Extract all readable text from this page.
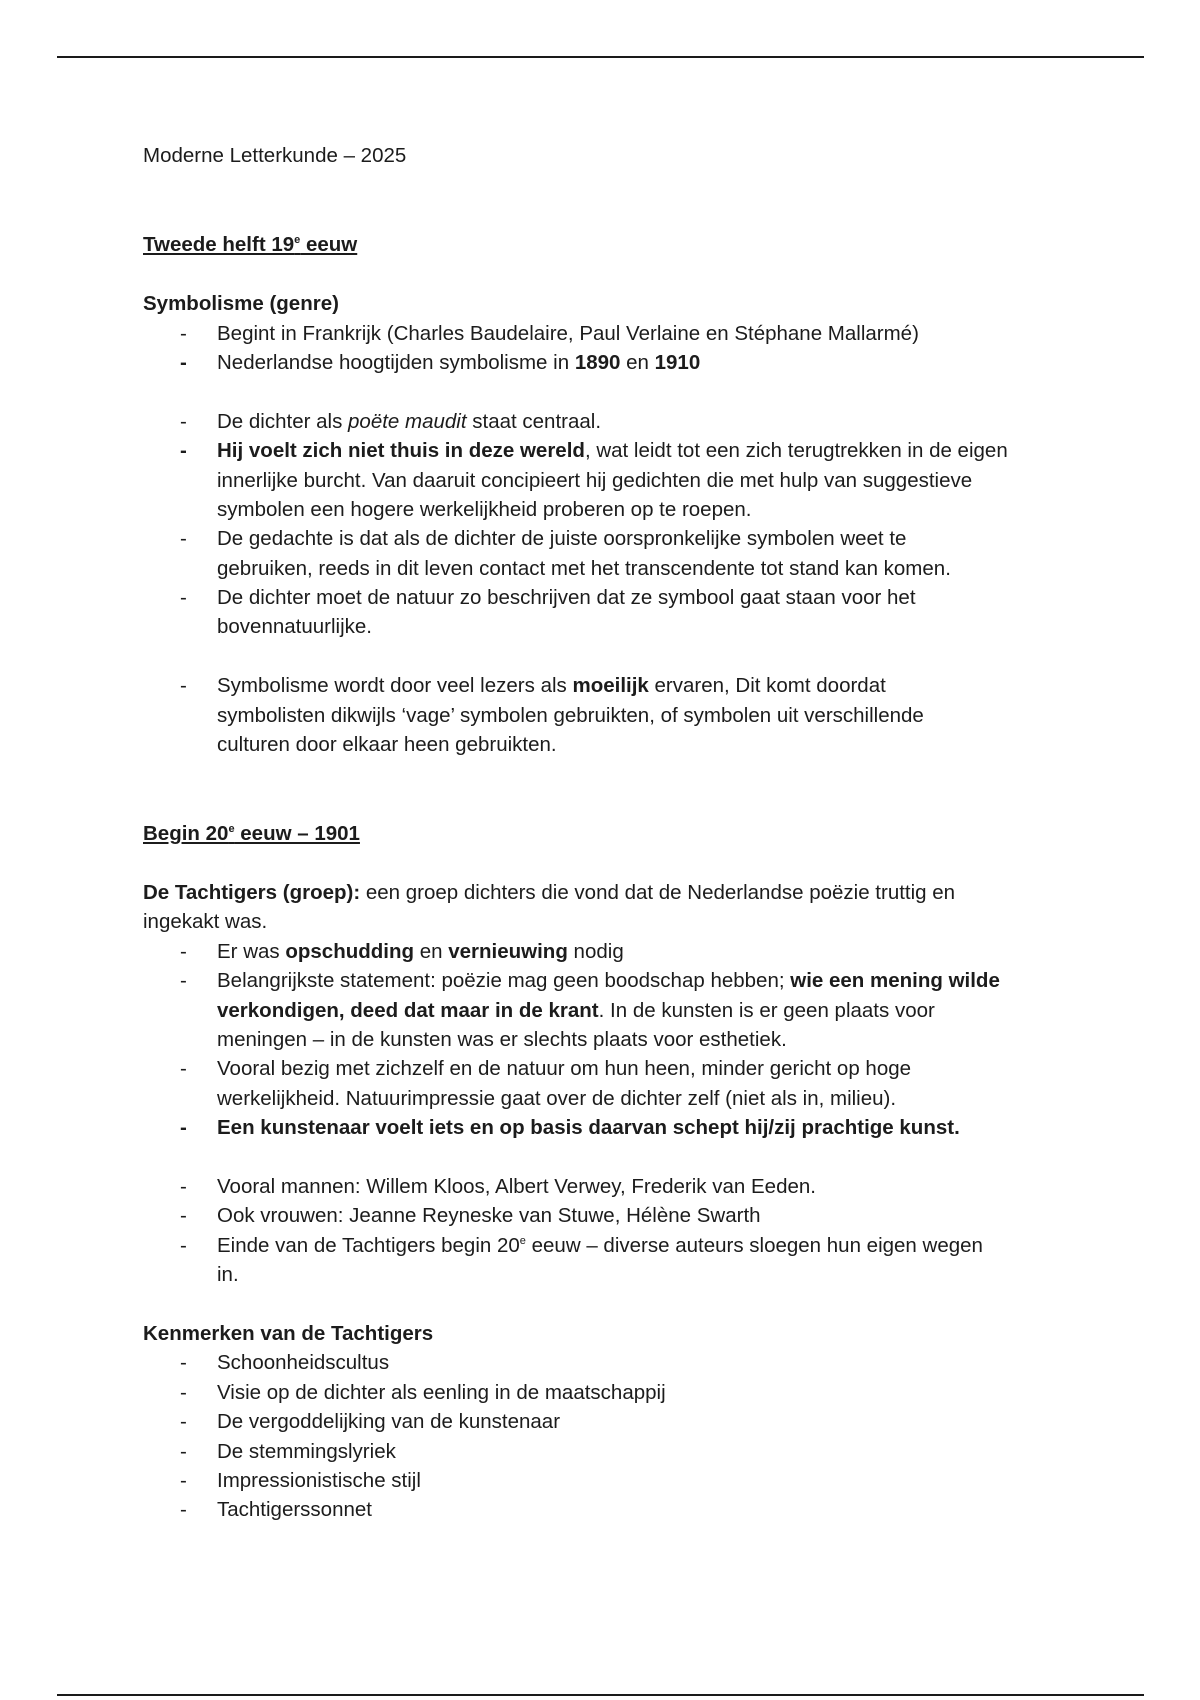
Moderne Letterkunde – 2025
Tweede helft 19e eeuw
Symbolisme (genre)
- Begint in Frankrijk (Charles Baudelaire, Paul Verlaine en Stéphane Mallarmé)
- Nederlandse hoogtijden symbolisme in 1890 en 1910
- De dichter als poëte maudit staat centraal.
- Hij voelt zich niet thuis in deze wereld, wat leidt tot een zich terugtrekken in de eigen
innerlijke burcht. Van daaruit concipieert hij gedichten die met hulp van suggestieve
symbolen een hogere werkelijkheid proberen op te roepen.
- De gedachte is dat als de dichter de juiste oorspronkelijke symbolen weet te
gebruiken, reeds in dit leven contact met het transcendente tot stand kan komen.
- De dichter moet de natuur zo beschrijven dat ze symbool gaat staan voor het
bovennatuurlijke.
- Symbolisme wordt door veel lezers als moeilijk ervaren, Dit komt doordat
symbolisten dikwijls ‘vage’ symbolen gebruikten, of symbolen uit verschillende
culturen door elkaar heen gebruikten.
Begin 20e eeuw – 1901
De Tachtigers (groep): een groep dichters die vond dat de Nederlandse poëzie truttig en
ingekakt was.
- Er was opschudding en vernieuwing nodig
- Belangrijkste statement: poëzie mag geen boodschap hebben; wie een mening wilde
verkondigen, deed dat maar in de krant. In de kunsten is er geen plaats voor
meningen – in de kunsten was er slechts plaats voor esthetiek.
- Vooral bezig met zichzelf en de natuur om hun heen, minder gericht op hoge
werkelijkheid. Natuurimpressie gaat over de dichter zelf (niet als in, milieu).
- Een kunstenaar voelt iets en op basis daarvan schept hij/zij prachtige kunst.
- Vooral mannen: Willem Kloos, Albert Verwey, Frederik van Eeden.
- Ook vrouwen: Jeanne Reyneske van Stuwe, Hélène Swarth
- Einde van de Tachtigers begin 20e eeuw – diverse auteurs sloegen hun eigen wegen
in.
Kenmerken van de Tachtigers
- Schoonheidscultus
- Visie op de dichter als eenling in de maatschappij
- De vergoddelijking van de kunstenaar
- De stemmingslyriek
- Impressionistische stijl
- Tachtigerssonnet
